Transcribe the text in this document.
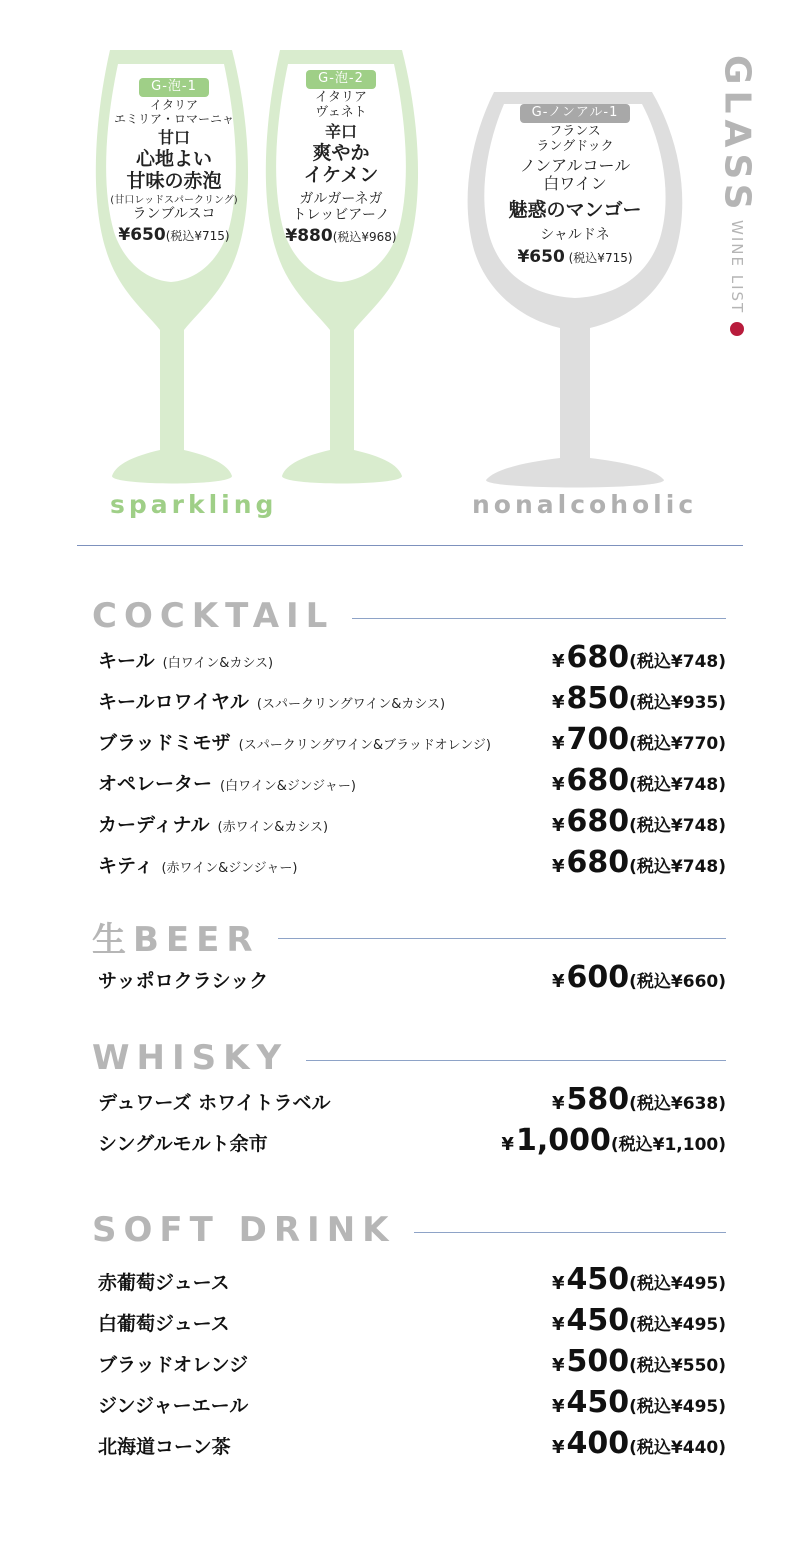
G-泡-1
イタリア
エミリア・ロマーニャ
甘口
心地よい
甘味の赤泡
(甘口レッドスパークリング)
ランブルスコ
¥650(税込¥715)
G-泡-2
イタリア
ヴェネト
辛口
爽やか
イケメン
ガルガーネガ
トレッビアーノ
¥880(税込¥968)
G-ノンアル-1
フランス
ラングドック
ノンアルコール
白ワイン
魅惑のマンゴー
シャルドネ
¥650 (税込¥715)
sparkling	nonalcoholic
GLASS
WINE LIST
COCKTAIL
キール (白ワイン&カシス)	¥680(税込¥748)
キールロワイヤル (スパークリングワイン&カシス)	¥850(税込¥935)
ブラッドミモザ (スパークリングワイン&ブラッドオレンジ)	¥700(税込¥770)
オペレーター (白ワイン&ジンジャー)	¥680(税込¥748)
カーディナル (赤ワイン&カシス)	¥680(税込¥748)
キティ (赤ワイン&ジンジャー)	¥680(税込¥748)
生BEER
サッポロクラシック	¥600(税込¥660)
WHISKY
デュワーズ ホワイトラベル	¥580(税込¥638)
シングルモルト余市	¥1,000(税込¥1,100)
SOFT DRINK
赤葡萄ジュース	¥450(税込¥495)
白葡萄ジュース	¥450(税込¥495)
ブラッドオレンジ	¥500(税込¥550)
ジンジャーエール	¥450(税込¥495)
北海道コーン茶	¥400(税込¥440)
